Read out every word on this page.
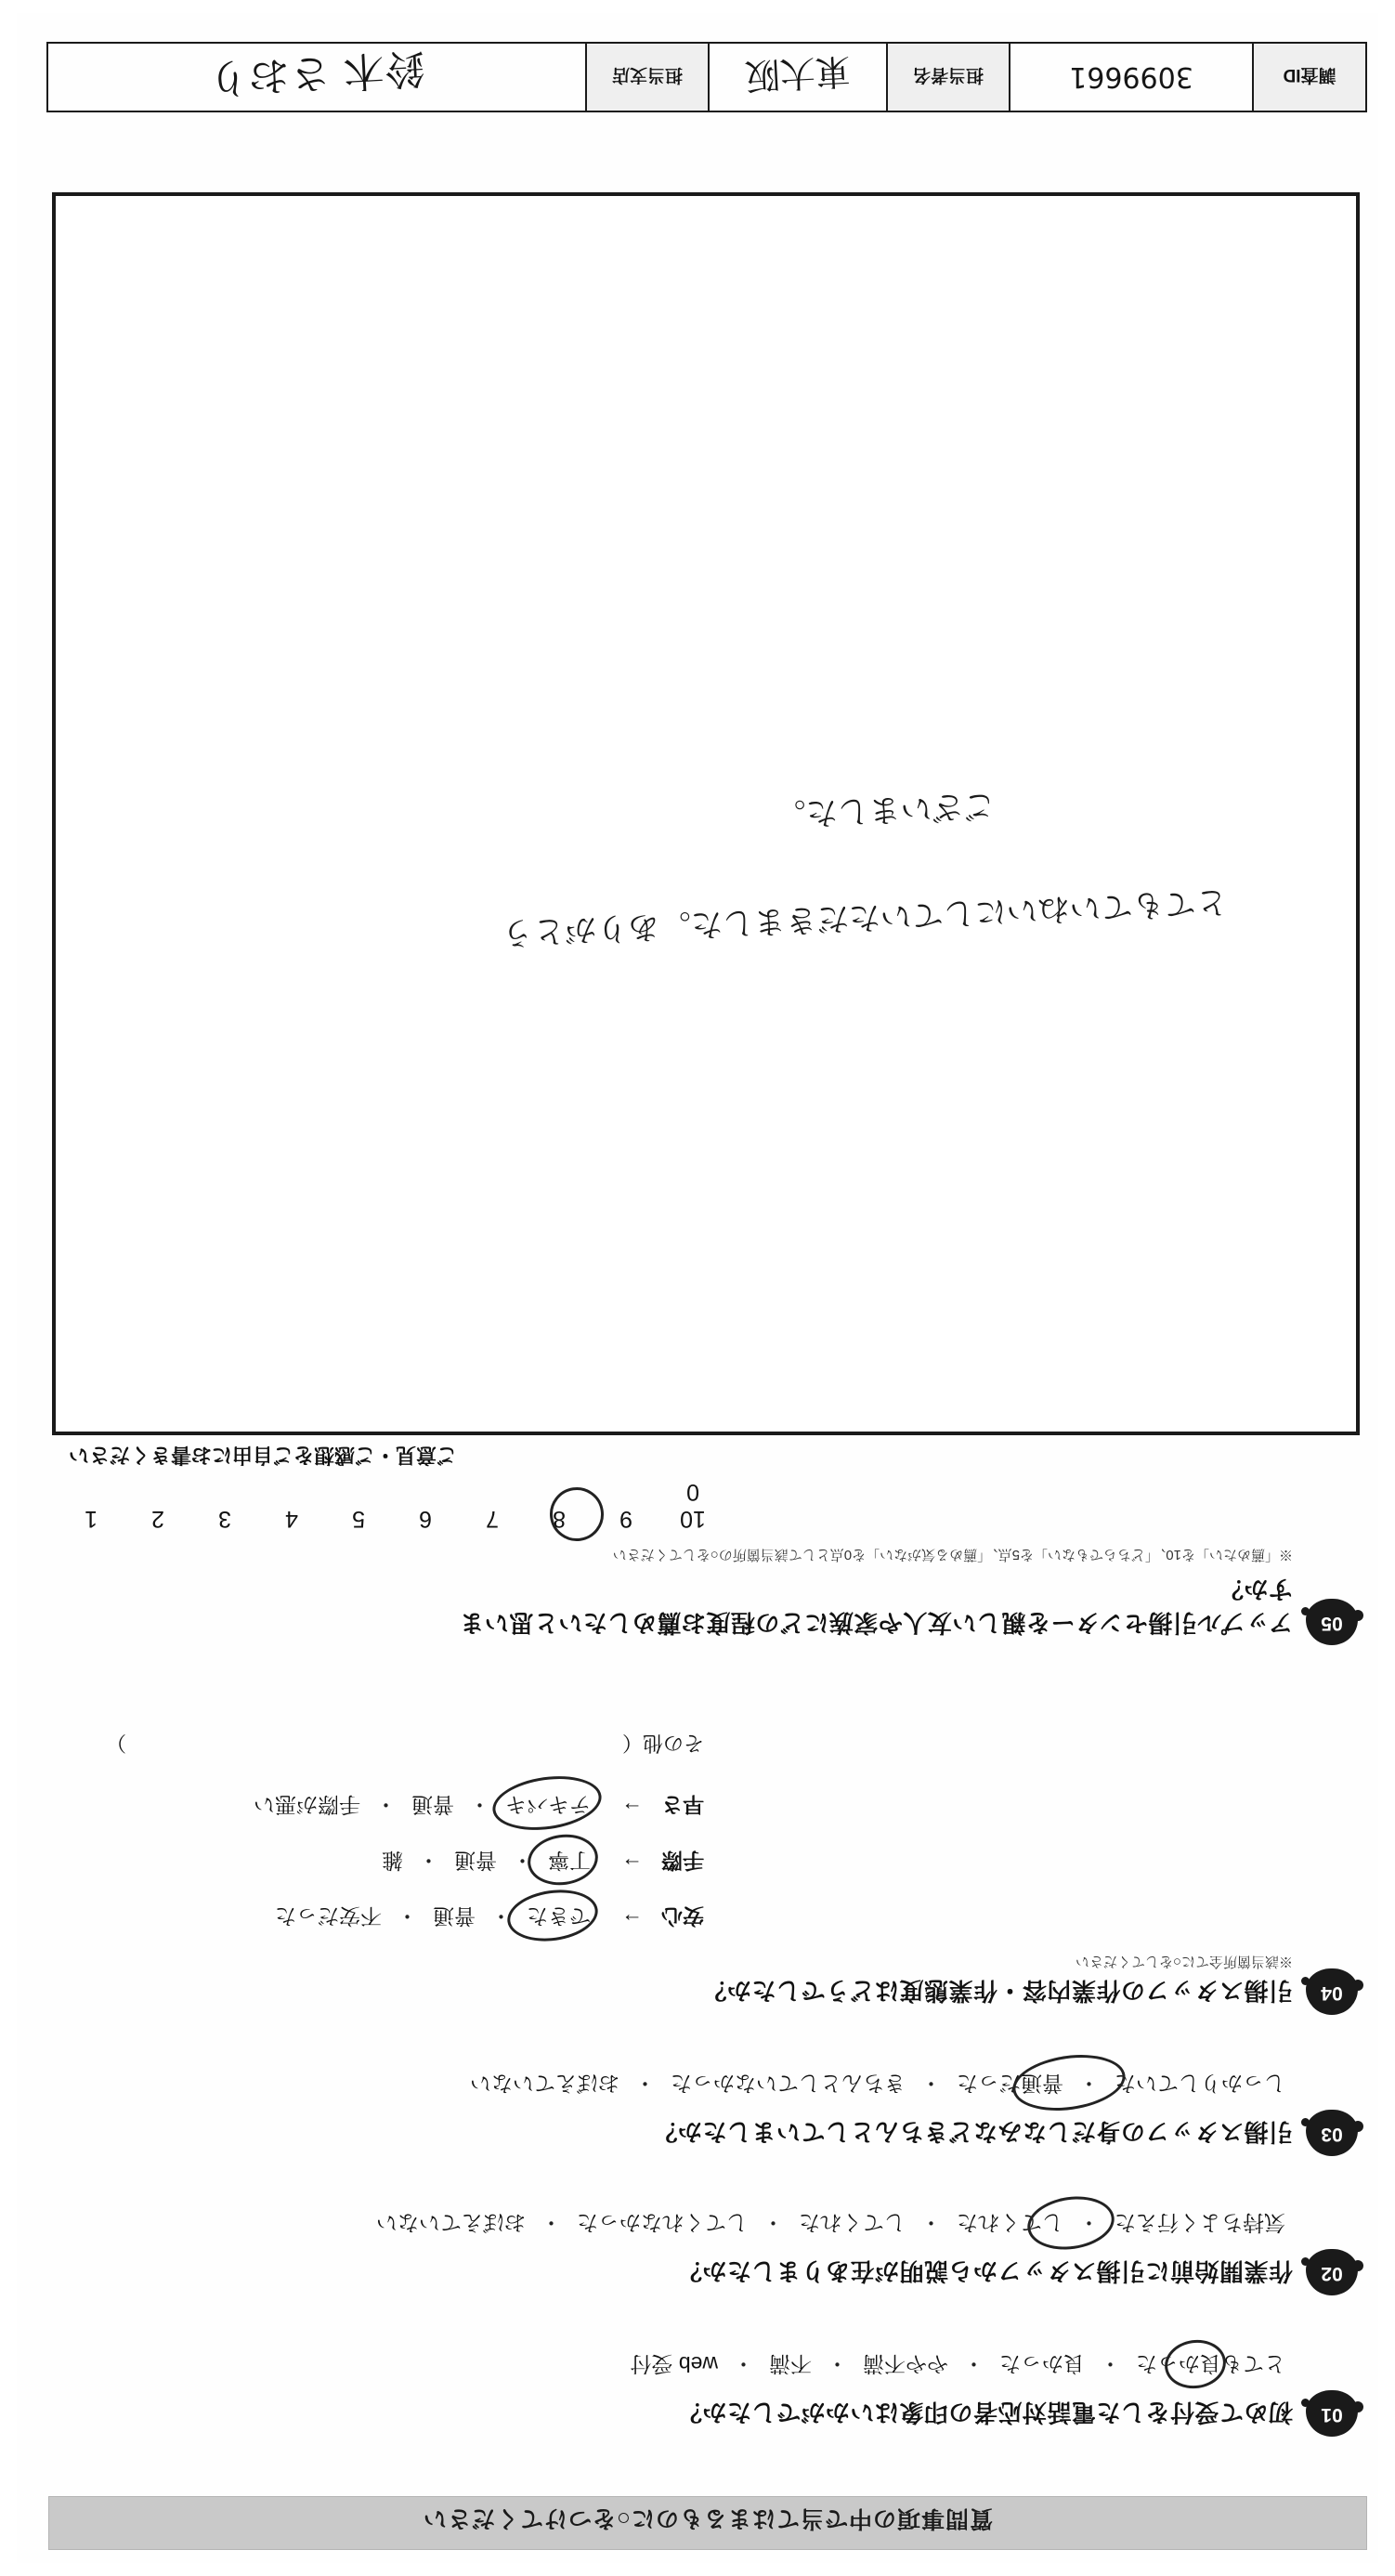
質問事項の中で当てはまるものに○をつけてください
01
初めて受付をした電話対応者の印象はいかがでしたか？
とても良かった・良かった・やや不満・不満・web 受付
02
作業開始前に引揚スタッフから説明が在ありましたか？
気持ちよく行えた・してくれた・してくれた・してくれなかった・おぼえていない
03
引揚スタッフの身だしなみなどきちんとしていましたか？
しっかりしていた・普通だった・きちんとしていなかった・おぼえていない
04
引揚スタッフの作業内容・作業態度はどうでしたか？
※該当箇所全てに○をしてください
安心
→
できた・普通・不安だった
手際
→
丁寧・普通・雑
早さ
→
テキパキ・普通・手際が悪い
その他（
）
05
アップル引揚センターを親しい友人や家族にどの程度お薦めしたいと思いますか？
※「薦めたい」を10、「どちらでもない」を5点、「薦める気がない」を0点として該当箇所の○をしてください
109876543210
ご意見・ご感想をご自由にお書きください
とてもていねいにしていただきました。ありがとう
ございました。
調査ID
3099661
担当者名
東大阪
担当支店
鈴木 さおり
